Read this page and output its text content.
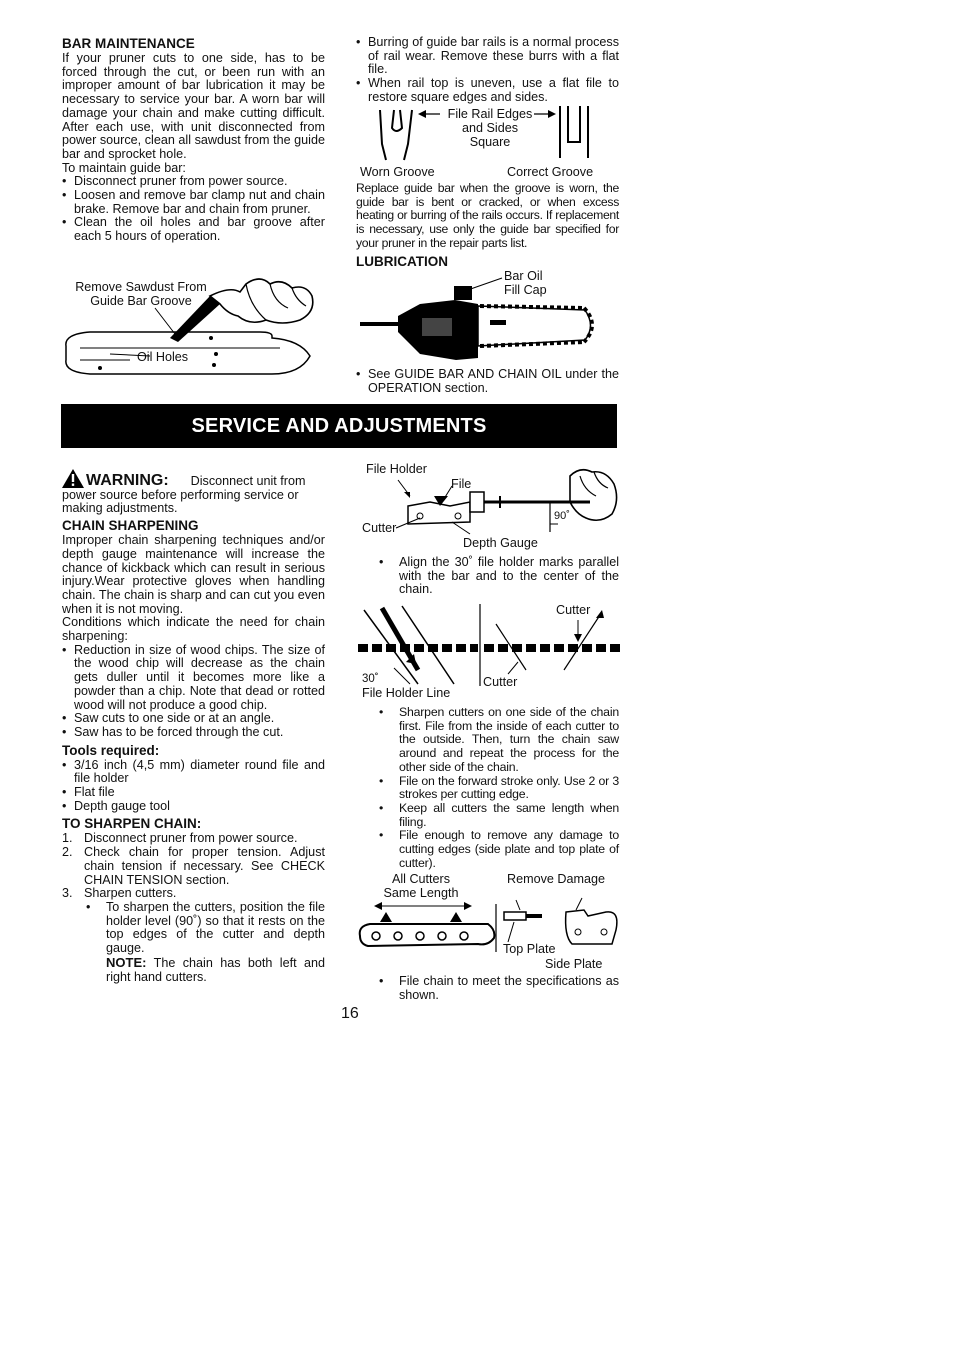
BAR MAINTENANCE

If your pruner cuts to one side, has to be forced through the cut, or been run with an improper amount of bar lubrication it may be necessary to service your bar. A worn bar will damage your chain and make cutting difficult. After each use, with unit disconnected from power source, clean all sawdust from the guide bar and sprocket hole.

To maintain guide bar:

• Disconnect pruner from power source.
• Loosen and remove bar clamp nut and chain brake. Remove bar and chain from pruner.
• Clean the oil holes and bar groove after each 5 hours of operation.
Remove Sawdust From
Guide Bar Groove
Oil Holes
• Burring of guide bar rails is a normal process of rail wear. Remove these burrs with a flat file.
• When rail top is uneven, use a flat file to restore square edges and sides.
File Rail Edges
and Sides
Square
Worn Groove	Correct Groove

Replace guide bar when the groove is worn, the guide bar is bent or cracked, or when excess heating or burring of the rails occurs. If replacement is necessary, use only the guide bar specified for your pruner in the repair parts list.

LUBRICATION
Bar Oil
Fill Cap
• See GUIDE BAR AND CHAIN OIL under the OPERATION section.
SERVICE AND ADJUSTMENTS
WARNING: Disconnect unit from

power source before performing service or making adjustments.

CHAIN SHARPENING

Improper chain sharpening techniques and/or depth gauge maintenance will increase the chance of kickback which can result in serious injury.Wear protective gloves when handling chain. The chain is sharp and can cut you even when it is not moving.

Conditions which indicate the need for chain sharpening:

• Reduction in size of wood chips. The size of the wood chip will decrease as the chain gets duller until it becomes more like a powder than a chip. Note that dead or rotted wood will not produce a good chip.
• Saw cuts to one side or at an angle.
• Saw has to be forced through the cut.
Tools required:
• 3/16 inch (4,5 mm) diameter round file and file holder
• Flat file
• Depth gauge tool
TO SHARPEN CHAIN:
1. Disconnect pruner from power source.
2. Check chain for proper tension. Adjust chain tension if necessary. See CHECK CHAIN TENSION section.
3. Sharpen cutters.
• To sharpen the cutters, position the file holder level (90˚) so that it rests on the top edges of the cutter and depth gauge.
NOTE: The chain has both left and right hand cutters.
File Holder
File
Cutter
Depth Gauge
90˚
• Align the 30˚ file holder marks parallel with the bar and to the center of the chain.
Cutter
30˚
File Holder Line
Cutter
• Sharpen cutters on one side of the chain first. File from the inside of each cutter to the outside. Then, turn the chain saw around and repeat the process for the other side of the chain.
• File on the forward stroke only. Use 2 or 3 strokes per cutting edge.
• Keep all cutters the same length when filing.
• File enough to remove any damage to cutting edges (side plate and top plate of cutter).
All Cutters
Same Length
Remove Damage
Top Plate
Side Plate
• File chain to meet the specifications as shown.
16
